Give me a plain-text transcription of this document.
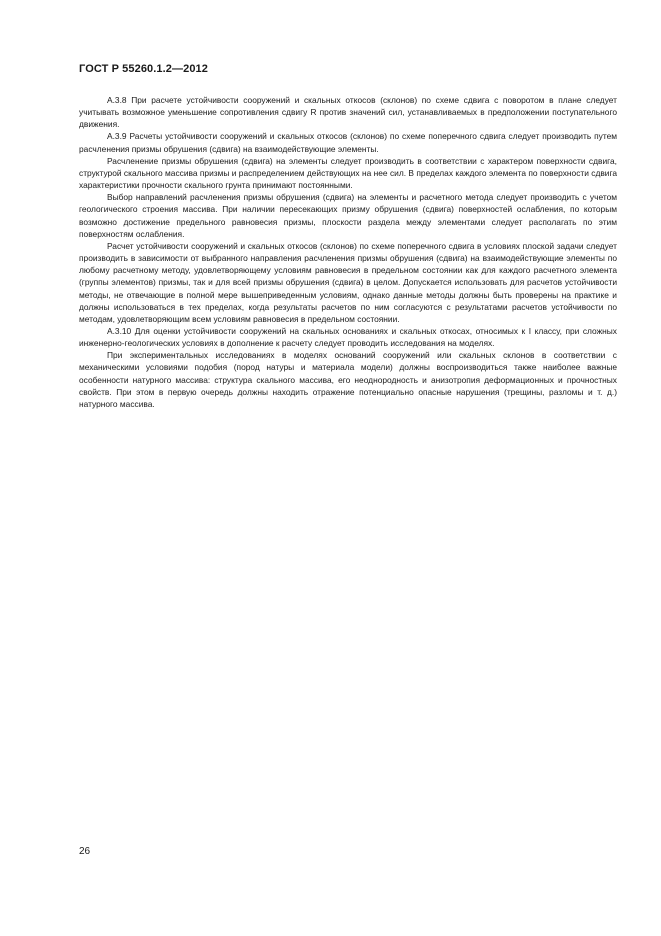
ГОСТ Р 55260.1.2—2012

А.3.8 При расчете устойчивости сооружений и скальных откосов (склонов) по схеме сдвига с поворотом в плане следует учитывать возможное уменьшение сопротивления сдвигу R против значений сил, устанавливаемых в предположении поступательного движения.

А.3.9 Расчеты устойчивости сооружений и скальных откосов (склонов) по схеме поперечного сдвига следует производить путем расчленения призмы обрушения (сдвига) на взаимодействующие элементы.

Расчленение призмы обрушения (сдвига) на элементы следует производить в соответствии с характером поверхности сдвига, структурой скального массива призмы и распределением действующих на нее сил. В пределах каждого элемента по поверхности сдвига характеристики прочности скального грунта принимают постоянными.

Выбор направлений расчленения призмы обрушения (сдвига) на элементы и расчетного метода следует производить с учетом геологического строения массива. При наличии пересекающих призму обрушения (сдвига) поверхностей ослабления, по которым возможно достижение предельного равновесия призмы, плоскости раздела между элементами следует располагать по этим поверхностям ослабления.

Расчет устойчивости сооружений и скальных откосов (склонов) по схеме поперечного сдвига в условиях плоской задачи следует производить в зависимости от выбранного направления расчленения призмы обрушения (сдвига) на взаимодействующие элементы по любому расчетному методу, удовлетворяющему условиям равновесия в предельном состоянии как для каждого расчетного элемента (группы элементов) призмы, так и для всей призмы обрушения (сдвига) в целом. Допускается использовать для расчетов устойчивости методы, не отвечающие в полной мере вышеприведенным условиям, однако данные методы должны быть проверены на практике и должны использоваться в тех пределах, когда результаты расчетов по ним согласуются с результатами расчетов устойчивости по методам, удовлетворяющим всем условиям равновесия в предельном состоянии.

А.3.10 Для оценки устойчивости сооружений на скальных основаниях и скальных откосах, относимых к I классу, при сложных инженерно-геологических условиях в дополнение к расчету следует проводить исследования на моделях.

При экспериментальных исследованиях в моделях оснований сооружений или скальных склонов в соответствии с механическими условиями подобия (пород натуры и материала модели) должны воспроизводиться также наиболее важные особенности натурного массива: структура скального массива, его неоднородность и анизотропия деформационных и прочностных свойств. При этом в первую очередь должны находить отражение потенциально опасные нарушения (трещины, разломы и т. д.) натурного массива.

26
